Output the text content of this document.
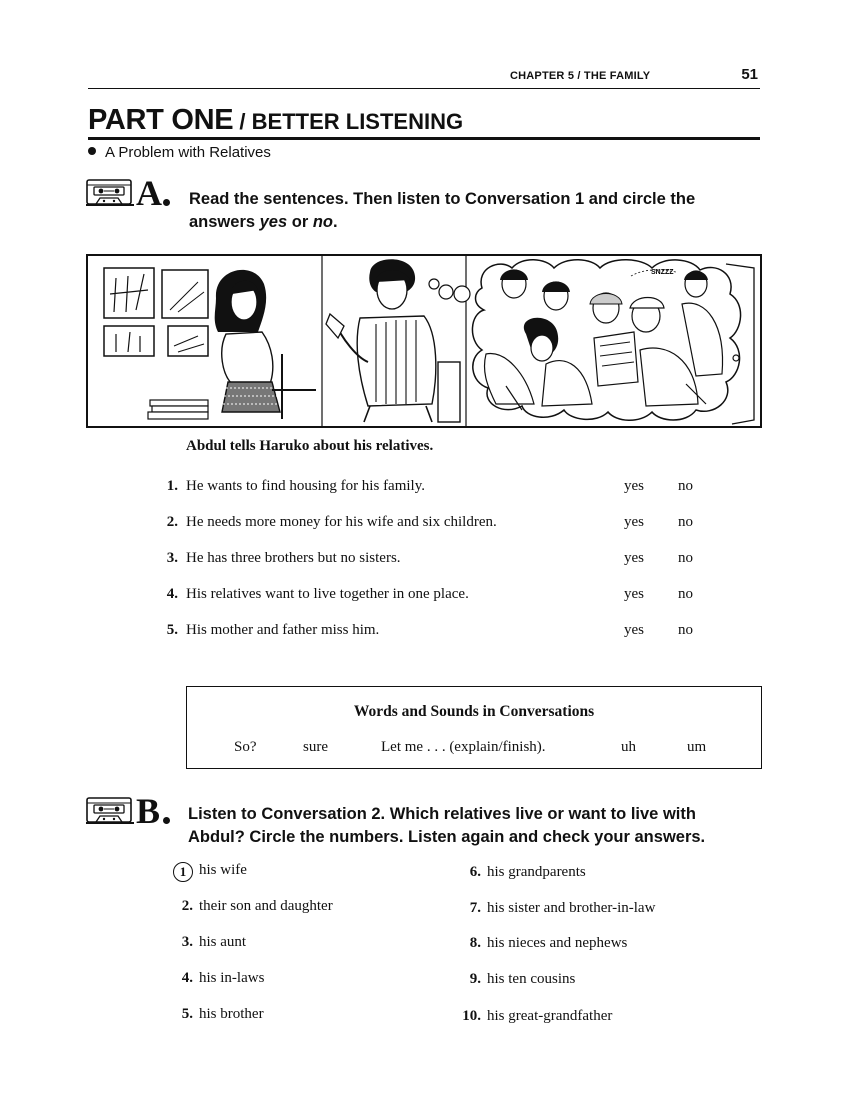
CHAPTER 5 / THE FAMILY	51
PART ONE / BETTER LISTENING
A Problem with Relatives
A Read the sentences. Then listen to Conversation 1 and circle the
answers yes or no.
SNZZZ
Abdul tells Haruko about his relatives.
1. He wants to find housing for his family.	yes no
2. He needs more money for his wife and six children.	yes no
3. He has three brothers but no sisters.	yes no
4. His relatives want to live together in one place.	yes no
5. His mother and father miss him.	yes no
Words and Sounds in Conversations
So?	sure	Let me . . . (explain/finish).	uh	um
B Listen to Conversation 2. Which relatives live or want to live with
Abdul? Circle the numbers. Listen again and check your answers.
1 his wife
2. their son and daughter
3. his aunt
4. his in-laws
5. his brother
6. his grandparents
7. his sister and brother-in-law
8. his nieces and nephews
9. his ten cousins
10. his great-grandfather
